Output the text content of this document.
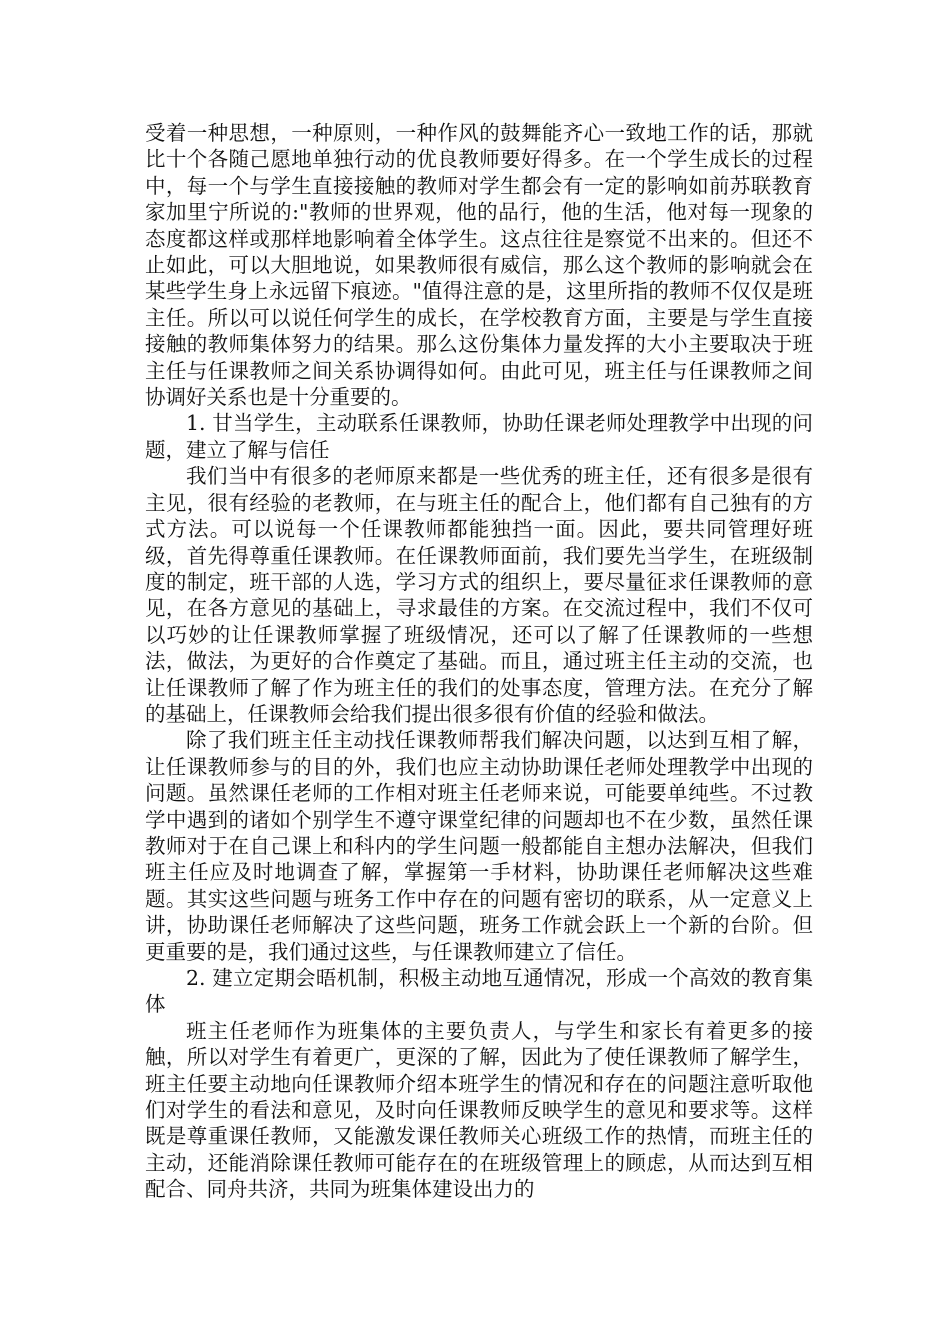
受着一种思想，一种原则，一种作风的鼓舞能齐心一致地工作的话，那就比十个各随己愿地单独行动的优良教师要好得多。在一个学生成长的过程中，每一个与学生直接接触的教师对学生都会有一定的影响如前苏联教育家加里宁所说的:"教师的世界观，他的品行，他的生活，他对每一现象的态度都这样或那样地影响着全体学生。这点往往是察觉不出来的。但还不止如此，可以大胆地说，如果教师很有威信，那么这个教师的影响就会在某些学生身上永远留下痕迹。"值得注意的是，这里所指的教师不仅仅是班主任。所以可以说任何学生的成长，在学校教育方面，主要是与学生直接接触的教师集体努力的结果。那么这份集体力量发挥的大小主要取决于班主任与任课教师之间关系协调得如何。由此可见，班主任与任课教师之间协调好关系也是十分重要的。

1. 甘当学生，主动联系任课教师，协助任课老师处理教学中出现的问题，建立了解与信任

我们当中有很多的老师原来都是一些优秀的班主任，还有很多是很有主见，很有经验的老教师，在与班主任的配合上，他们都有自己独有的方式方法。可以说每一个任课教师都能独挡一面。因此，要共同管理好班级，首先得尊重任课教师。在任课教师面前，我们要先当学生，在班级制度的制定，班干部的人选，学习方式的组织上，要尽量征求任课教师的意见，在各方意见的基础上，寻求最佳的方案。在交流过程中，我们不仅可以巧妙的让任课教师掌握了班级情况，还可以了解了任课教师的一些想法，做法，为更好的合作奠定了基础。而且，通过班主任主动的交流，也让任课教师了解了作为班主任的我们的处事态度，管理方法。在充分了解的基础上，任课教师会给我们提出很多很有价值的经验和做法。

除了我们班主任主动找任课教师帮我们解决问题，以达到互相了解，让任课教师参与的目的外，我们也应主动协助课任老师处理教学中出现的问题。虽然课任老师的工作相对班主任老师来说，可能要单纯些。不过教学中遇到的诸如个别学生不遵守课堂纪律的问题却也不在少数，虽然任课教师对于在自己课上和科内的学生问题一般都能自主想办法解决，但我们班主任应及时地调查了解，掌握第一手材料，协助课任老师解决这些难题。其实这些问题与班务工作中存在的问题有密切的联系，从一定意义上讲，协助课任老师解决了这些问题，班务工作就会跃上一个新的台阶。但更重要的是，我们通过这些，与任课教师建立了信任。

2. 建立定期会晤机制，积极主动地互通情况，形成一个高效的教育集体

班主任老师作为班集体的主要负责人，与学生和家长有着更多的接触，所以对学生有着更广，更深的了解，因此为了使任课教师了解学生，班主任要主动地向任课教师介绍本班学生的情况和存在的问题注意听取他们对学生的看法和意见，及时向任课教师反映学生的意见和要求等。这样既是尊重课任教师，又能激发课任教师关心班级工作的热情，而班主任的主动，还能消除课任教师可能存在的在班级管理上的顾虑，从而达到互相配合、同舟共济，共同为班集体建设出力的
